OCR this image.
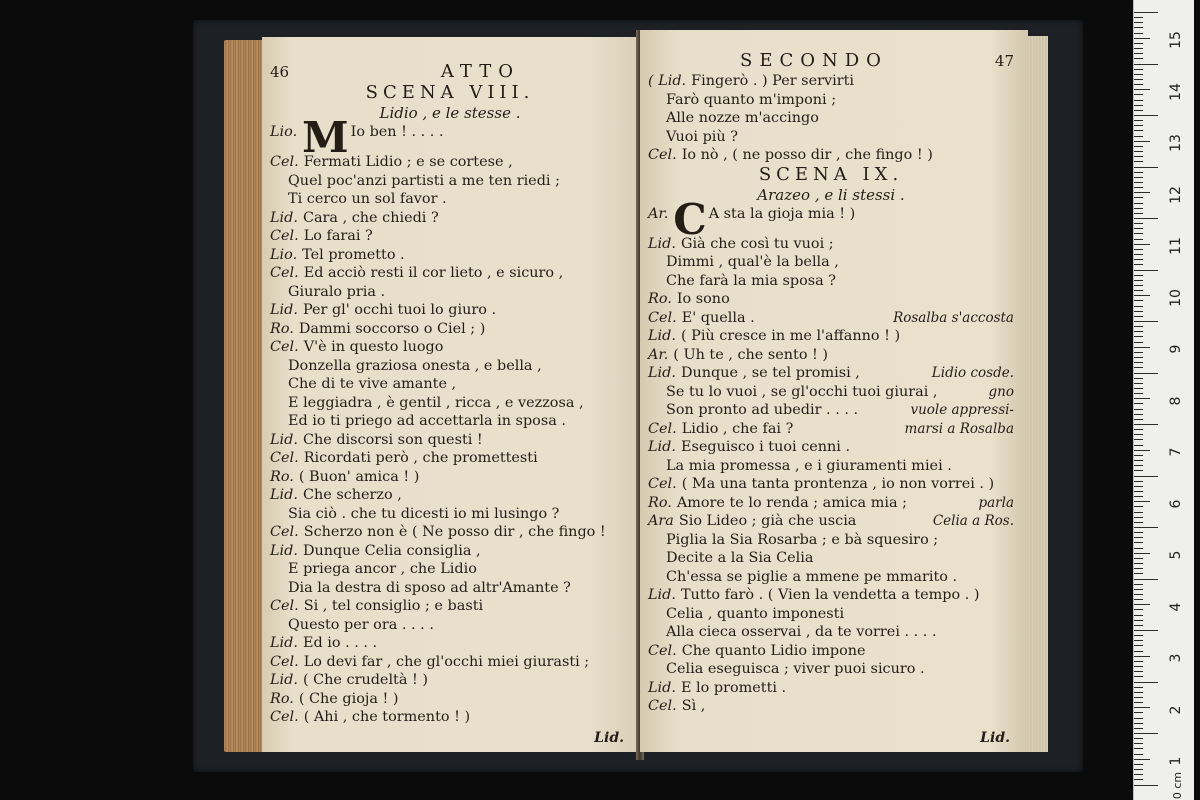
46	ATTO
SCENA VIII.
Lidio , e le stesse .
Lio. M Io ben ! . . . .
Cel. Fermati Lidio ; e se cortese ,
Quel poc'anzi partisti a me ten riedi ;
Ti cerco un sol favor .
Lid. Cara , che chiedi ?
Cel. Lo farai ?
Lio. Tel prometto .
Cel. Ed acciò resti il cor lieto , e sicuro ,
Giuralo pria .
Lid. Per gl' occhi tuoi lo giuro .
Ro. Dammi soccorso o Ciel ; )
Cel. V'è in questo luogo
Donzella graziosa onesta , e bella ,
Che di te vive amante ,
E leggiadra , è gentil , ricca , e vezzosa ,
Ed io ti priego ad accettarla in sposa .
Lid. Che discorsi son questi !
Cel. Ricordati però , che promettesti
Ro. ( Buon' amica ! )
Lid. Che scherzo ,
Sia ciò . che tu dicesti io mi lusingo ?
Cel. Scherzo non è ( Ne posso dir , che fingo !
Lid. Dunque Celia consiglia ,
E priega ancor , che Lidio
Dia la destra di sposo ad altr'Amante ?
Cel. Si , tel consiglio ; e basti
Questo per ora . . . .
Lid. Ed io . . . .
Cel. Lo devi far , che gl'occhi miei giurasti ;
Lid. ( Che crudeltà ! )
Ro. ( Che gioja ! )
Cel. ( Ahi , che tormento ! )
Lid.
SECONDO	47
( Lid. Fingerò . ) Per servirti
Farò quanto m'imponi ;
Alle nozze m'accingo
Vuoi più ?
Cel. Io nò , ( ne posso dir , che fingo ! )
SCENA IX.
Arazeo , e li stessi .
Ar. C A sta la gioja mia ! )
Lid. Già che così tu vuoi ;
Dimmi , qual'è la bella ,
Che farà la mia sposa ?
Ro. Io sono
Cel. E' quella .	Rosalba s'accosta
Lid. ( Più cresce in me l'affanno ! )
Ar. ( Uh te , che sento ! )
Lid. Dunque , se tel promisi ,	Lidio cosde.
Se tu lo vuoi , se gl'occhi tuoi giurai ,	gno
Son pronto ad ubedir . . . .	vuole appressi-
Cel. Lidio , che fai ?	marsi a Rosalba
Lid. Eseguisco i tuoi cenni .
La mia promessa , e i giuramenti miei .
Cel. ( Ma una tanta prontenza , io non vorrei . )
Ro. Amore te lo renda ; amica mia ;	parla
Ara Sio Lideo ; già che uscia	Celia a Ros.
Piglia la Sia Rosarba ; e bà squesiro ;
Decite a la Sia Celia
Ch'essa se piglie a mmene pe mmarito .
Lid. Tutto farò . ( Vien la vendetta a tempo . )
Celia , quanto imponesti
Alla cieca osservai , da te vorrei . . . .
Cel. Che quanto Lidio impone
Celia eseguisca ; viver puoi sicuro .
Lid. E lo prometti .
Cel. Sì ,
Lid.
0 cm
15
14
13
12
11
10
9
8
7
6
5
4
3
2
1
